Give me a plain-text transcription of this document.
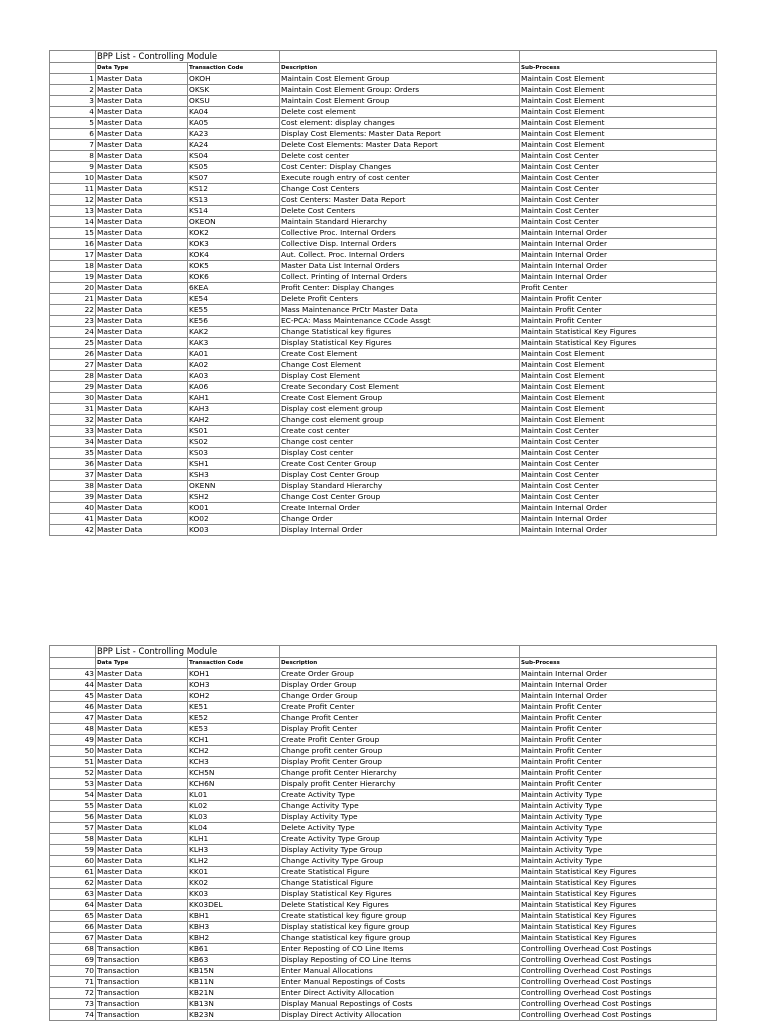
	BPP List - Controlling Module			
	Data Type	Transaction Code	Description	Sub-Process
1	Master Data	OKOH	Maintain Cost Element Group	Maintain Cost Element
2	Master Data	OKSK	Maintain Cost Element Group: Orders	Maintain Cost Element
3	Master Data	OKSU	Maintain Cost Element Group	Maintain Cost Element
4	Master Data	KA04	Delete cost element	Maintain Cost Element
5	Master Data	KA05	Cost element: display changes	Maintain Cost Element
6	Master Data	KA23	Display Cost Elements: Master Data Report	Maintain Cost Element
7	Master Data	KA24	Delete Cost Elements: Master Data Report	Maintain Cost Element
8	Master Data	KS04	Delete cost center	Maintain Cost Center
9	Master Data	KS05	Cost Center: Display Changes	Maintain Cost Center
10	Master Data	KS07	Execute rough entry of cost center	Maintain Cost Center
11	Master Data	KS12	Change Cost Centers	Maintain Cost Center
12	Master Data	KS13	Cost Centers: Master Data Report	Maintain Cost Center
13	Master Data	KS14	Delete Cost Centers	Maintain Cost Center
14	Master Data	OKEON	Maintain Standard Hierarchy	Maintain Cost Center
15	Master Data	KOK2	Collective Proc. Internal Orders	Maintain Internal Order
16	Master Data	KOK3	Collective Disp. Internal Orders	Maintain Internal Order
17	Master Data	KOK4	Aut. Collect. Proc. Internal Orders	Maintain Internal Order
18	Master Data	KOK5	Master Data List Internal Orders	Maintain Internal Order
19	Master Data	KOK6	Collect. Printing of Internal Orders	Maintain Internal Order
20	Master Data	6KEA	Profit Center: Display Changes	Profit Center
21	Master Data	KE54	Delete Profit Centers	Maintain Profit Center
22	Master Data	KE55	Mass Maintenance PrCtr Master Data	Maintain Profit Center
23	Master Data	KE56	EC-PCA: Mass Maintenance CCode Assgt	Maintain Profit Center
24	Master Data	KAK2	Change Statistical key figures	Maintain Statistical Key Figures
25	Master Data	KAK3	Display Statistical Key Figures	Maintain Statistical Key Figures
26	Master Data	KA01	Create Cost Element	Maintain Cost Element
27	Master Data	KA02	Change Cost Element	Maintain Cost Element
28	Master Data	KA03	Display Cost Element	Maintain Cost Element
29	Master Data	KA06	Create Secondary Cost Element	Maintain Cost Element
30	Master Data	KAH1	Create Cost Element Group	Maintain Cost Element
31	Master Data	KAH3	Display cost element group	Maintain Cost Element
32	Master Data	KAH2	Change cost element group	Maintain Cost Element
33	Master Data	KS01	Create cost center	Maintain Cost Center
34	Master Data	KS02	Change cost center	Maintain Cost Center
35	Master Data	KS03	Display Cost center	Maintain Cost Center
36	Master Data	KSH1	Create Cost Center Group	Maintain Cost Center
37	Master Data	KSH3	Display Cost Center Group	Maintain Cost Center
38	Master Data	OKENN	Display Standard Hierarchy	Maintain Cost Center
39	Master Data	KSH2	Change Cost Center Group	Maintain Cost Center
40	Master Data	KO01	Create Internal Order	Maintain Internal Order
41	Master Data	KO02	Change Order	Maintain Internal Order
42	Master Data	KO03	Display Internal Order	Maintain Internal Order
	BPP List - Controlling Module			
	Data Type	Transaction Code	Description	Sub-Process
43	Master Data	KOH1	Create Order Group	Maintain Internal Order
44	Master Data	KOH3	Display Order Group	Maintain Internal Order
45	Master Data	KOH2	Change Order Group	Maintain Internal Order
46	Master Data	KE51	Create Profit Center	Maintain Profit Center
47	Master Data	KE52	Change Profit Center	Maintain Profit Center
48	Master Data	KE53	Display Profit Center	Maintain Profit Center
49	Master Data	KCH1	Create Profit Center Group	Maintain Profit Center
50	Master Data	KCH2	Change profit center Group	Maintain Profit Center
51	Master Data	KCH3	Display Profit Center Group	Maintain Profit Center
52	Master Data	KCH5N	Change profit Center Hierarchy	Maintain Profit Center
53	Master Data	KCH6N	Dispaly profit Center Hierarchy	Maintain Profit Center
54	Master Data	KL01	Create Activity Type	Maintain Activity Type
55	Master Data	KL02	Change Activity Type	Maintain Activity Type
56	Master Data	KL03	Display Activity Type	Maintain Activity Type
57	Master Data	KL04	Delete Activity Type	Maintain Activity Type
58	Master Data	KLH1	Create Activity Type Group	Maintain Activity Type
59	Master Data	KLH3	Display Activity Type Group	Maintain Activity Type
60	Master Data	KLH2	Change Activity Type Group	Maintain Activity Type
61	Master Data	KK01	Create Statistical Figure	Maintain Statistical Key Figures
62	Master Data	KK02	Change Statistical Figure	Maintain Statistical Key Figures
63	Master Data	KK03	Display Statistical Key Figures	Maintain Statistical Key Figures
64	Master Data	KK03DEL	Delete Statistical Key Figures	Maintain Statistical Key Figures
65	Master Data	KBH1	Create statistical key figure group	Maintain Statistical Key Figures
66	Master Data	KBH3	Display statistical key figure group	Maintain Statistical Key Figures
67	Master Data	KBH2	Change statistical key figure group	Maintain Statistical Key Figures
68	Transaction	KB61	Enter Reposting of CO Line Items	Controlling Overhead Cost Postings
69	Transaction	KB63	Display Reposting of CO Line Items	Controlling Overhead Cost Postings
70	Transaction	KB15N	Enter Manual Allocations	Controlling Overhead Cost Postings
71	Transaction	KB11N	Enter Manual Repostings of Costs	Controlling Overhead Cost Postings
72	Transaction	KB21N	Enter Direct Activity Allocation	Controlling Overhead Cost Postings
73	Transaction	KB13N	Display Manual Repostings of Costs	Controlling Overhead Cost Postings
74	Transaction	KB23N	Display Direct Activity Allocation	Controlling Overhead Cost Postings
